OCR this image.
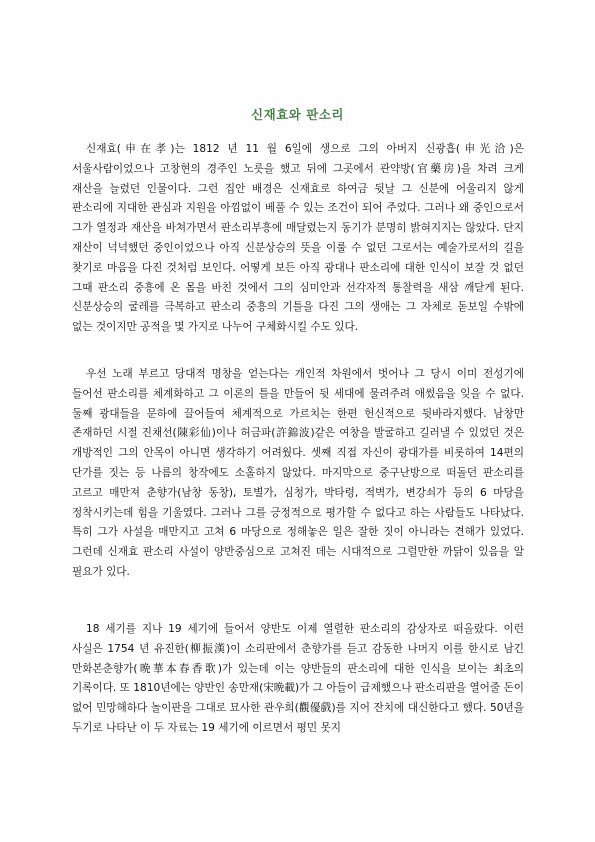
신재효와 판소리

신재효(申在孝)는 1812 년 11 월 6일에 생으로 그의 아버지 신광흡(申光洽)은 서울사람이었으나 고창현의 경주인 노릇을 했고 뒤에 그곳에서 관약방(官藥房)을 차려 크게 재산을 늘렸던 인물이다. 그런 집안 배경은 신재효로 하여금 뒷날 그 신분에 어울리지 않게 판소리에 지대한 관심과 지원을 아낌없이 베풀 수 있는 조건이 되어 주었다. 그러나 왜 중인으로서 그가 열정과 재산을 바쳐가면서 판소리부흥에 매달렸는지 동기가 분명히 밝혀지지는 않았다. 단지 재산이 넉넉했던 중인이었으나 아직 신분상승의 뜻을 이룰 수 없던 그로서는 예술가로서의 길을 찾기로 마음을 다진 것처럼 보인다. 어떻게 보든 아직 광대나 판소리에 대한 인식이 보잘 것 없던 그때 판소리 중흥에 온 몸을 바친 것에서 그의 심미안과 선각자적 통찰력을 새삼 깨닫게 된다. 신분상승의 굴레를 극복하고 판소리 중흥의 기틀을 다진 그의 생애는 그 자체로 돋보일 수밖에 없는 것이지만 공적을 몇 가지로 나누어 구체화시킬 수도 있다.

우선 노래 부르고 당대적 명창을 얻는다는 개인적 차원에서 벗어나 그 당시 이미 전성기에 들어선 판소리를 체계화하고 그 이론의 틀을 만들어 뒷 세대에 물려주려 애썼음을 잊을 수 없다. 둘째 광대들을 문하에 끌어들여 체계적으로 가르치는 한편 헌신적으로 뒷바라지했다. 남창만 존재하던 시절 진채선(陳彩仙)이나 허금파(許錦波)같은 여창을 발굴하고 길러낼 수 있었던 것은 개방적인 그의 안목이 아니면 생각하기 어려웠다. 셋째 직접 자신이 광대가를 비롯하여 14편의 단가를 짓는 등 나름의 창작에도 소홀하지 않았다. 마지막으로 중구난방으로 떠돌던 판소리를 고르고 매만져 춘향가(남창 동창), 토별가, 심청가, 박타령, 적벽가, 변강쇠가 등의 6 마당을 정착시키는데 힘을 기울였다. 그러나 그를 긍정적으로 평가할 수 없다고 하는 사람들도 나타났다. 특히 그가 사설을 매만지고 고쳐 6 마당으로 정해놓은 일은 잘한 짓이 아니라는 견해가 있었다. 그런데 신재효 판소리 사설이 양반중심으로 고쳐진 데는 시대적으로 그럴만한 까닭이 있음을 알 필요가 있다.

18 세기를 지나 19 세기에 들어서 양반도 이제 열렬한 판소리의 감상자로 떠올랐다. 이런 사실은 1754 년 유진한(柳振漢)이 소리판에서 춘향가를 듣고 감동한 나머지 이를 한시로 남긴 만화본춘향가(晩華本春香歌)가 있는데 이는 양반들의 판소리에 대한 인식을 보이는 최초의 기록이다. 또 1810년에는 양반인 송만재(宋晩載)가 그 아들이 급제했으나 판소리판을 열어줄 돈이 없어 민망해하다 놀이판을 그대로 묘사한 관우희(觀優戲)를 지어 잔치에 대신한다고 했다. 50년을 두기로 나타난 이 두 자료는 19 세기에 이르면서 평민 못지
